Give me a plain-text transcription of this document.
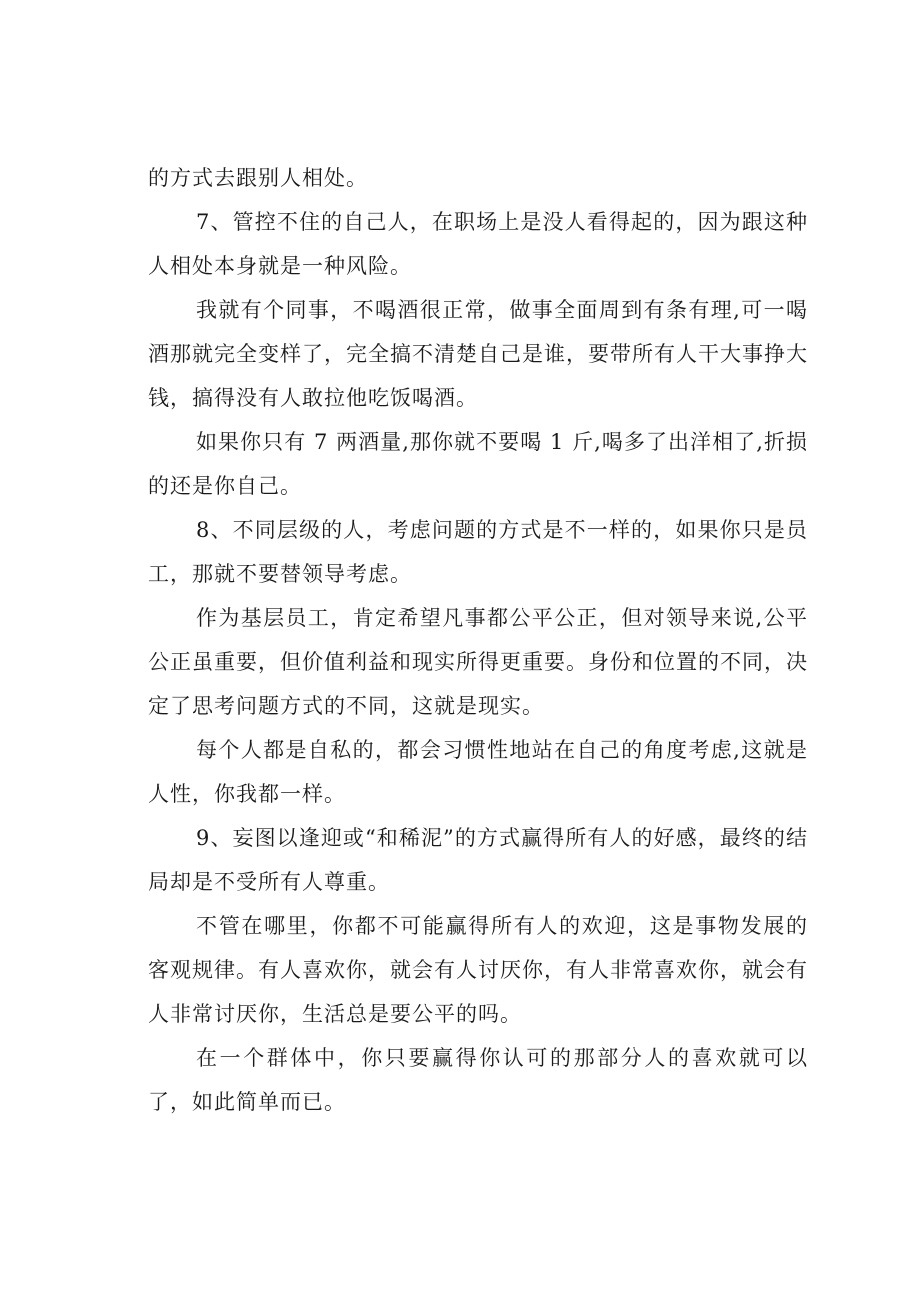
的方式去跟别人相处。

7、管控不住的自己人，在职场上是没人看得起的，因为跟这种人相处本身就是一种风险。

我就有个同事，不喝酒很正常，做事全面周到有条有理,可一喝酒那就完全变样了，完全搞不清楚自己是谁，要带所有人干大事挣大钱，搞得没有人敢拉他吃饭喝酒。

如果你只有 7 两酒量,那你就不要喝 1 斤,喝多了出洋相了,折损的还是你自己。

8、不同层级的人，考虑问题的方式是不一样的，如果你只是员工，那就不要替领导考虑。

作为基层员工，肯定希望凡事都公平公正，但对领导来说,公平公正虽重要，但价值利益和现实所得更重要。身份和位置的不同，决定了思考问题方式的不同，这就是现实。

每个人都是自私的，都会习惯性地站在自己的角度考虑,这就是人性，你我都一样。

9、妄图以逢迎或“和稀泥”的方式赢得所有人的好感，最终的结局却是不受所有人尊重。

不管在哪里，你都不可能赢得所有人的欢迎，这是事物发展的客观规律。有人喜欢你，就会有人讨厌你，有人非常喜欢你，就会有人非常讨厌你，生活总是要公平的吗。

在一个群体中，你只要赢得你认可的那部分人的喜欢就可以了，如此简单而已。
